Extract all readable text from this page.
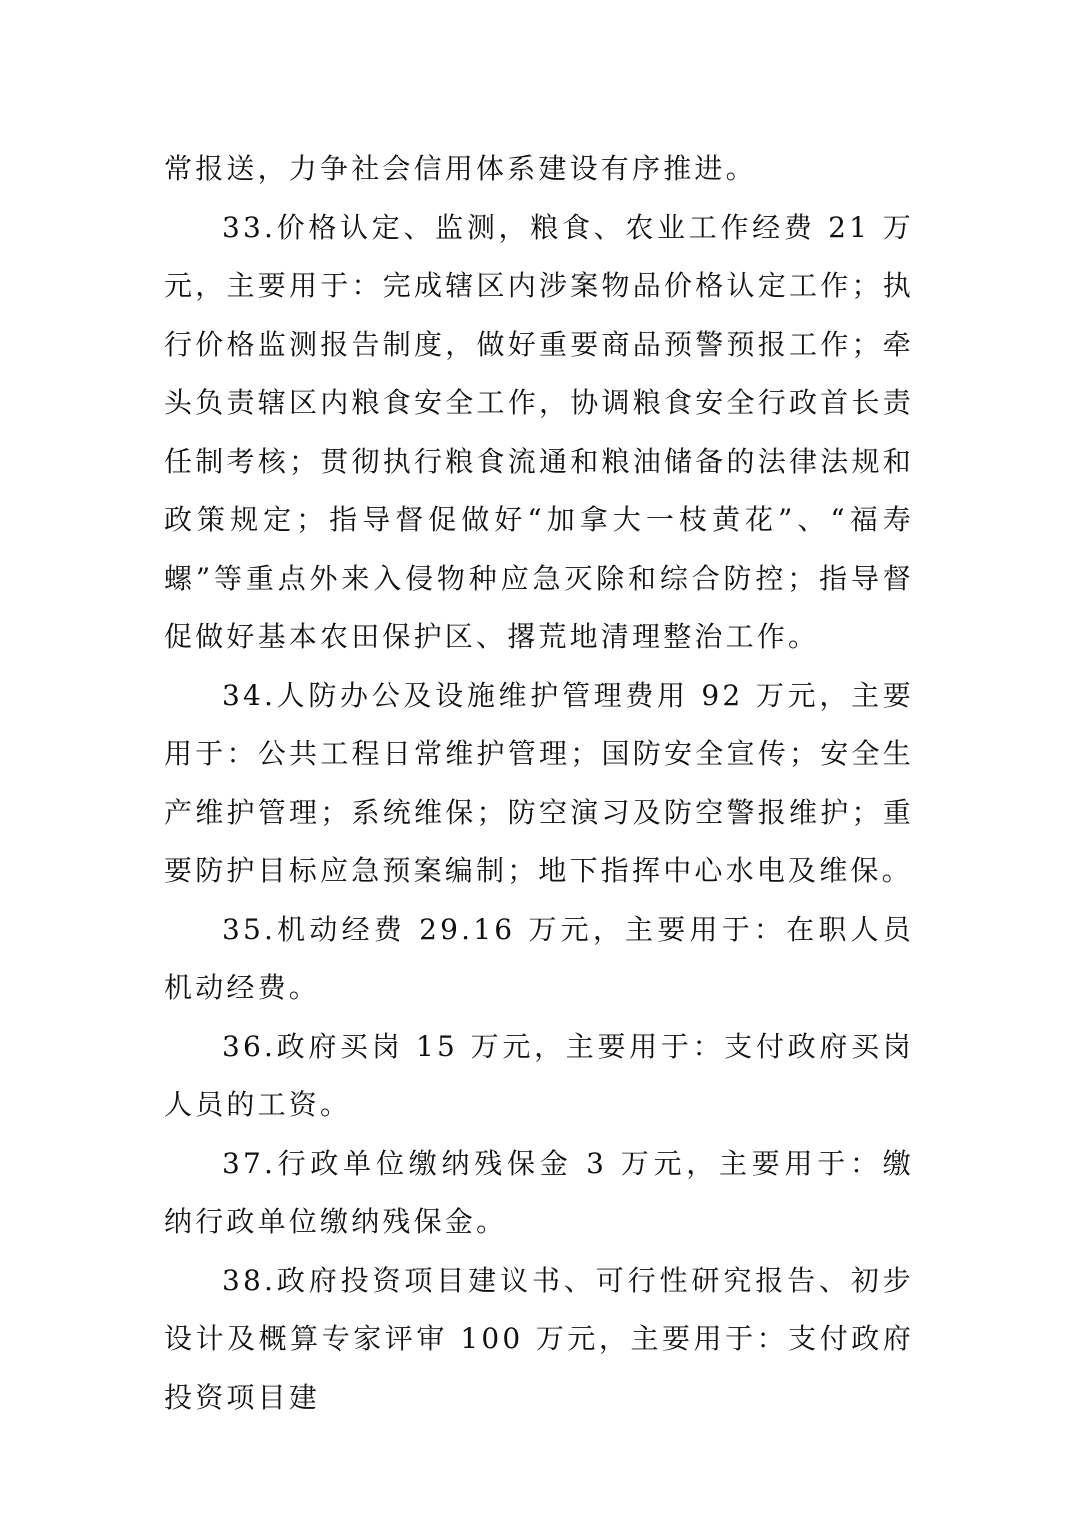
常报送，力争社会信用体系建设有序推进。

33.价格认定、监测，粮食、农业工作经费 21 万元，主要用于：完成辖区内涉案物品价格认定工作；执行价格监测报告制度，做好重要商品预警预报工作；牵头负责辖区内粮食安全工作，协调粮食安全行政首长责任制考核；贯彻执行粮食流通和粮油储备的法律法规和政策规定；指导督促做好“加拿大一枝黄花”、“福寿螺”等重点外来入侵物种应急灭除和综合防控；指导督促做好基本农田保护区、撂荒地清理整治工作。

34.人防办公及设施维护管理费用 92 万元，主要用于：公共工程日常维护管理；国防安全宣传；安全生产维护管理；系统维保；防空演习及防空警报维护；重要防护目标应急预案编制；地下指挥中心水电及维保。

35.机动经费 29.16 万元，主要用于：在职人员机动经费。

36.政府买岗 15 万元，主要用于：支付政府买岗人员的工资。

37.行政单位缴纳残保金 3 万元，主要用于：缴纳行政单位缴纳残保金。

38.政府投资项目建议书、可行性研究报告、初步设计及概算专家评审 100 万元，主要用于：支付政府投资项目建
